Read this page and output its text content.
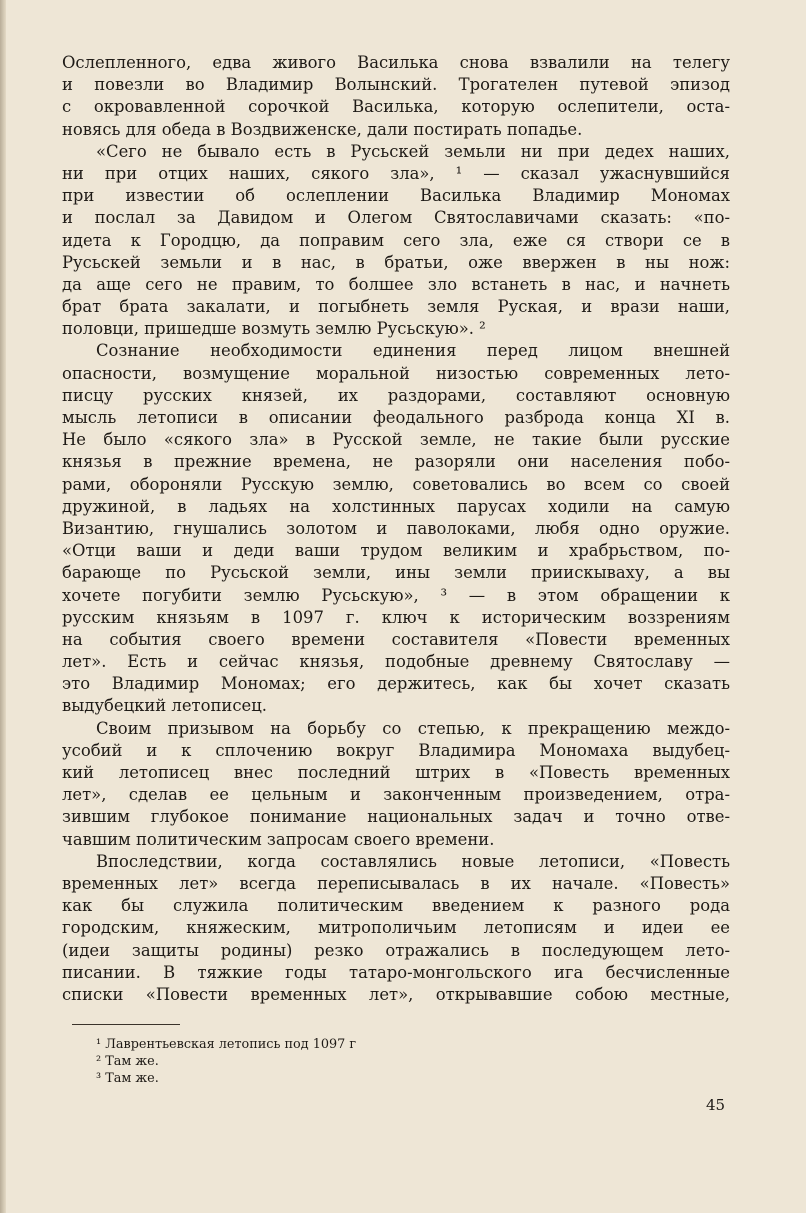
Ослепленного, едва живого Василька снова взвалили на телегу
и повезли во Владимир Волынский. Трогателен путевой эпизод
с окровавленной сорочкой Василька, которую ослепители, оста-
новясь для обеда в Воздвиженске, дали постирать попадье.
«Сего не бывало есть в Русьскей земьли ни при дедех наших,
ни при отцих наших, сякого зла», ¹ — сказал ужаснувшийся
при известии об ослеплении Василька Владимир Мономах
и послал за Давидом и Олегом Святославичами сказать: «по-
идета к Городцю, да поправим сего зла, еже ся створи се в
Русьскей земьли и в нас, в братьи, оже ввержен в ны нож:
да аще сего не правим, то болшее зло встанеть в нас, и начнеть
брат брата закалати, и погыбнеть земля Руская, и врази наши,
половци, пришедше возмуть землю Русьскую». ²
Сознание необходимости единения перед лицом внешней
опасности, возмущение моральной низостью современных лето-
писцу русских князей, их раздорами, составляют основную
мысль летописи в описании феодального разброда конца XI в.
Не было «сякого зла» в Русской земле, не такие были русские
князья в прежние времена, не разоряли они населения побо-
рами, обороняли Русскую землю, советовались во всем со своей
дружиной, в ладьях на холстинных парусах ходили на самую
Византию, гнушались золотом и паволоками, любя одно оружие.
«Отци ваши и деди ваши трудом великим и храбрьством, по-
барающе по Русьской земли, ины земли приискываху, а вы
хочете погубити землю Русьскую», ³ — в этом обращении к
русским князьям в 1097 г. ключ к историческим воззрениям
на события своего времени составителя «Повести временных
лет». Есть и сейчас князья, подобные древнему Святославу —
это Владимир Мономах; его держитесь, как бы хочет сказать
выдубецкий летописец.
Своим призывом на борьбу со степью, к прекращению междо-
усобий и к сплочению вокруг Владимира Мономаха выдубец-
кий летописец внес последний штрих в «Повесть временных
лет», сделав ее цельным и законченным произведением, отра-
зившим глубокое понимание национальных задач и точно отве-
чавшим политическим запросам своего времени.
Впоследствии, когда составлялись новые летописи, «Повесть
временных лет» всегда переписывалась в их начале. «Повесть»
как бы служила политическим введением к разного рода
городским, княжеским, митрополичьим летописям и идеи ее
(идеи защиты родины) резко отражались в последующем лето-
писании. В тяжкие годы татаро-монгольского ига бесчисленные
списки «Повести временных лет», открывавшие собою местные,
¹ Лаврентьевская летопись под 1097 г
² Там же.
³ Там же.
45
